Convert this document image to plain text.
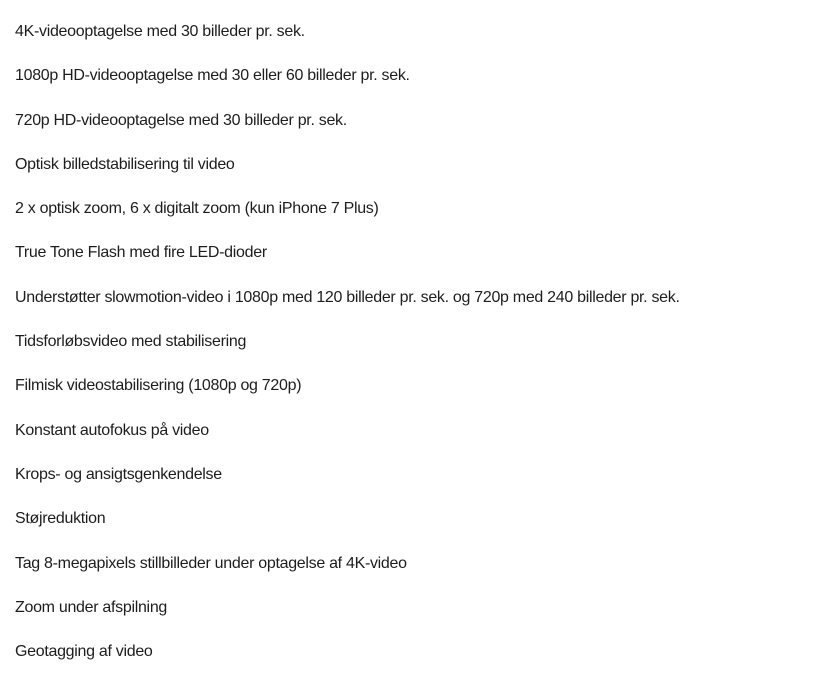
4K-videooptagelse med 30 billeder pr. sek.
1080p HD-videooptagelse med 30 eller 60 billeder pr. sek.
720p HD-videooptagelse med 30 billeder pr. sek.
Optisk billedstabilisering til video
2 x optisk zoom, 6 x digitalt zoom (kun iPhone 7 Plus)
True Tone Flash med fire LED-dioder
Understøtter slowmotion-video i 1080p med 120 billeder pr. sek. og 720p med 240 billeder pr. sek.
Tidsforløbsvideo med stabilisering
Filmisk videostabilisering (1080p og 720p)
Konstant autofokus på video
Krops- og ansigtsgenkendelse
Støjreduktion
Tag 8-megapixels stillbilleder under optagelse af 4K-video
Zoom under afspilning
Geotagging af video
